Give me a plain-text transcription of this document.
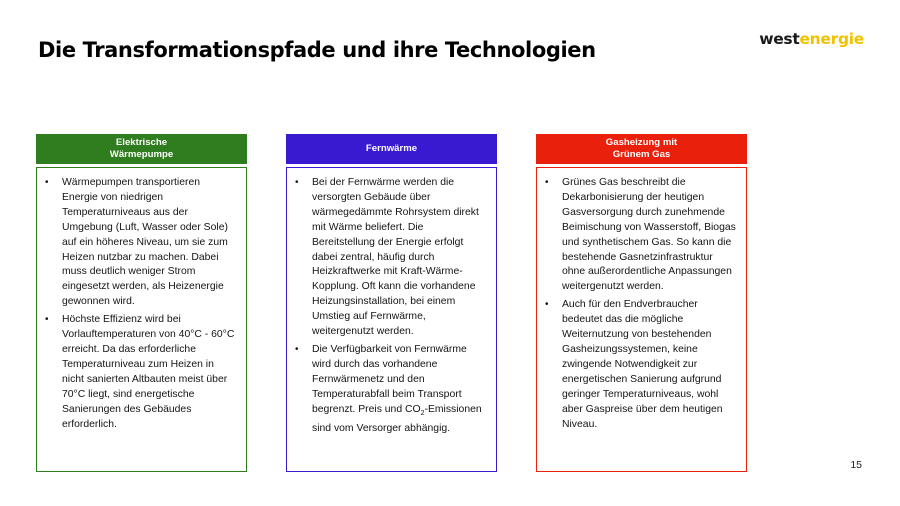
Die Transformationspfade und ihre Technologien	westenergie
Elektrische
Wärmepumpe
• Wärmepumpen transportieren Energie von niedrigen Temperaturniveaus aus der Umgebung (Luft, Wasser oder Sole) auf ein höheres Niveau, um sie zum Heizen nutzbar zu machen. Dabei muss deutlich weniger Strom eingesetzt werden, als Heizenergie gewonnen wird.
• Höchste Effizienz wird bei Vorlauftemperaturen von 40°C - 60°C erreicht. Da das erforderliche Temperaturniveau zum Heizen in nicht sanierten Altbauten meist über 70°C liegt, sind energetische Sanierungen des Gebäudes erforderlich.
Fernwärme
• Bei der Fernwärme werden die versorgten Gebäude über wärmegedämmte Rohrsystem direkt mit Wärme beliefert. Die Bereitstellung der Energie erfolgt dabei zentral, häufig durch Heizkraftwerke mit Kraft-Wärme-Kopplung. Oft kann die vorhandene Heizungsinstallation, bei einem Umstieg auf Fernwärme, weitergenutzt werden.
• Die Verfügbarkeit von Fernwärme wird durch das vorhandene Fernwärmenetz und den Temperaturabfall beim Transport begrenzt. Preis und $CO_2$-Emissionen sind vom Versorger abhängig.
Gasheizung mit
Grünem Gas
• Grünes Gas beschreibt die Dekarbonisierung der heutigen Gasversorgung durch zunehmende Beimischung von Wasserstoff, Biogas und synthetischem Gas. So kann die bestehende Gasnetzinfrastruktur ohne außerordentliche Anpassungen weitergenutzt werden.
• Auch für den Endverbraucher bedeutet das die mögliche Weiternutzung von bestehenden Gasheizungssystemen, keine zwingende Notwendigkeit zur energetischen Sanierung aufgrund geringer Temperaturniveaus, wohl aber Gaspreise über dem heutigen Niveau.
15
